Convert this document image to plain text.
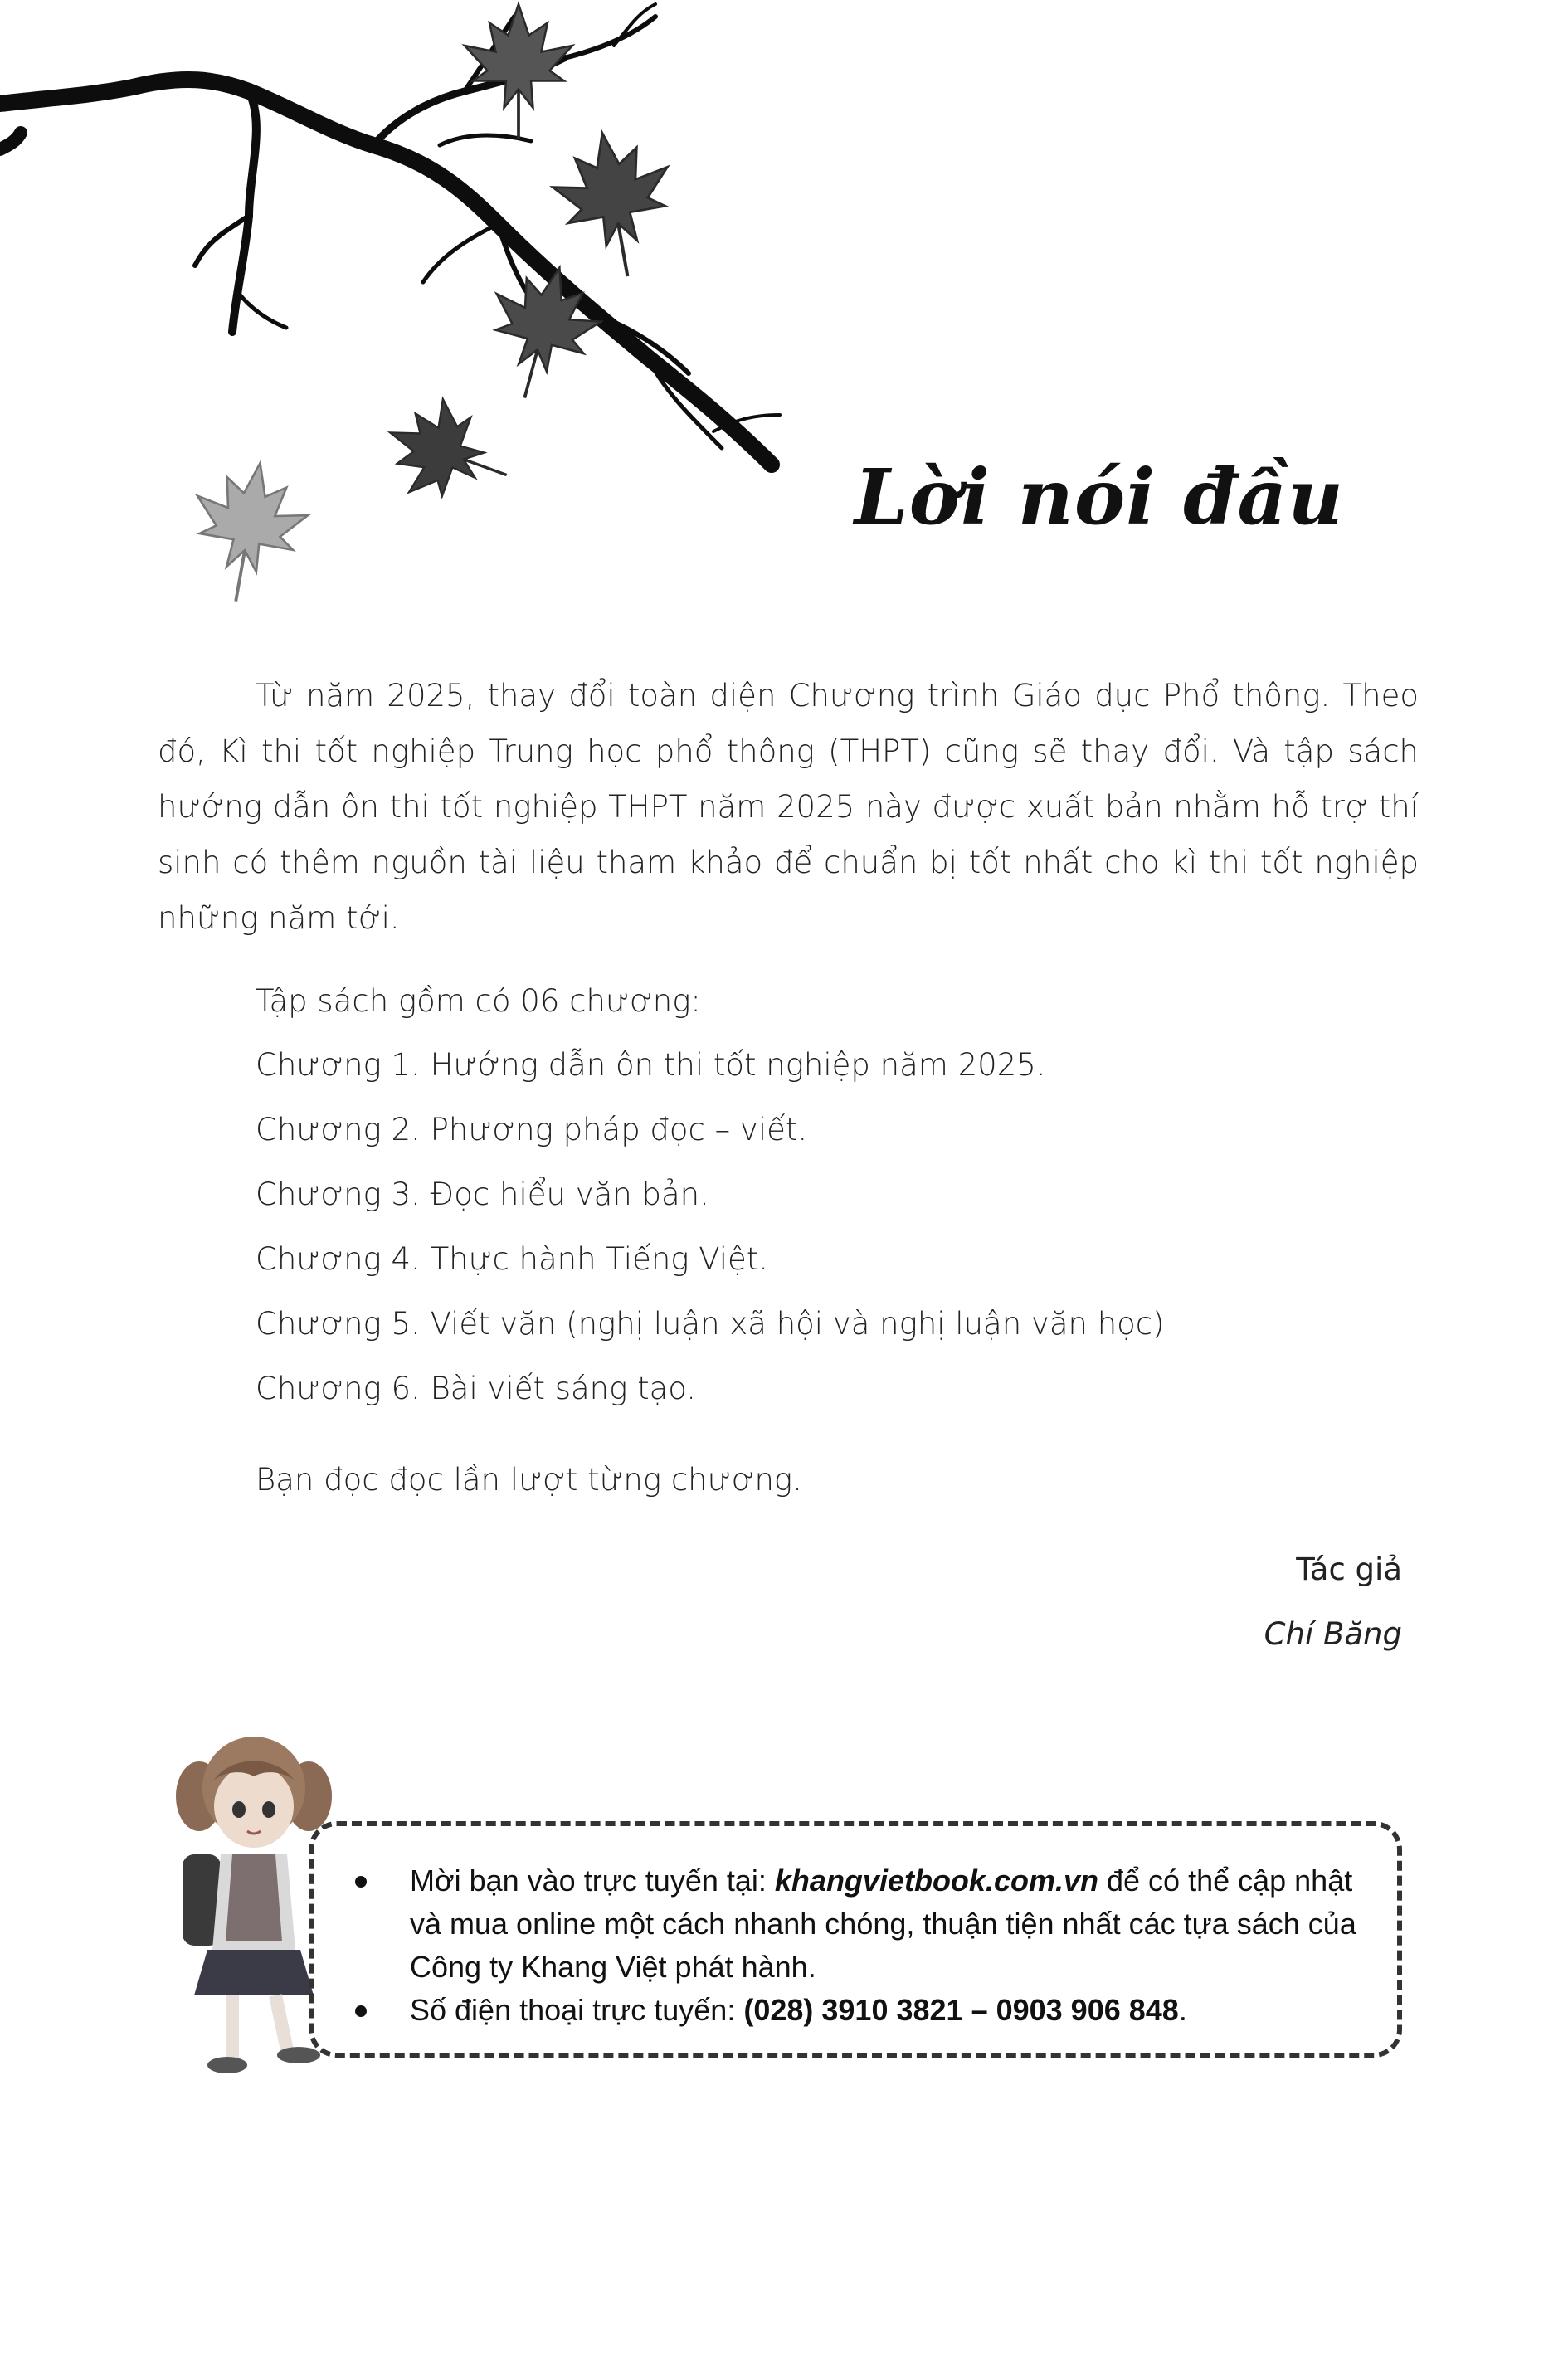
Lời nói đầu

Từ năm 2025, thay đổi toàn diện Chương trình Giáo dục Phổ thông. Theo đó, Kì thi tốt nghiệp Trung học phổ thông (THPT) cũng sẽ thay đổi. Và tập sách hướng dẫn ôn thi tốt nghiệp THPT năm 2025 này được xuất bản nhằm hỗ trợ thí sinh có thêm nguồn tài liệu tham khảo để chuẩn bị tốt nhất cho kì thi tốt nghiệp những năm tới.

Tập sách gồm có 06 chương:
Chương 1. Hướng dẫn ôn thi tốt nghiệp năm 2025.
Chương 2. Phương pháp đọc – viết.
Chương 3. Đọc hiểu văn bản.
Chương 4. Thực hành Tiếng Việt.
Chương 5. Viết văn (nghị luận xã hội và nghị luận văn học)
Chương 6. Bài viết sáng tạo.
Bạn đọc đọc lần lượt từng chương.
Tác giả
Chí Băng
Mời bạn vào trực tuyến tại: khangvietbook.com.vn để có thể cập nhật và mua online một cách nhanh chóng, thuận tiện nhất các tựa sách của Công ty Khang Việt phát hành.
Số điện thoại trực tuyến: (028) 3910 3821 – 0903 906 848.
